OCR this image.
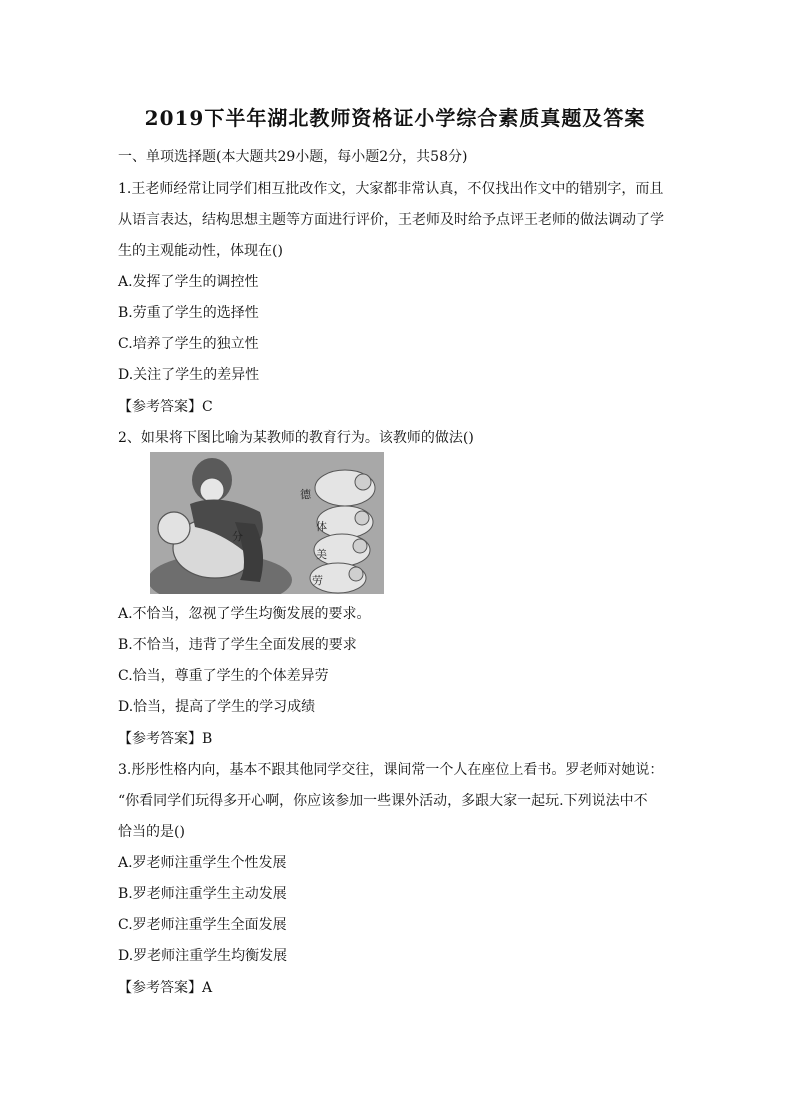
2019下半年湖北教师资格证小学综合素质真题及答案
一、单项选择题(本大题共29小题，每小题2分，共58分)
1.王老师经常让同学们相互批改作文，大家都非常认真，不仅找出作文中的错别字，而且
从语言表达，结构思想主题等方面进行评价，王老师及时给予点评王老师的做法调动了学
生的主观能动性，体现在()
A.发挥了学生的调控性
B.劳重了学生的选择性
C.培养了学生的独立性
D.关注了学生的差异性
【参考答案】C
2、如果将下图比喻为某教师的教育行为。该教师的做法()
德
体
美
劳
分
A.不恰当，忽视了学生均衡发展的要求。
B.不恰当，违背了学生全面发展的要求
C.恰当，尊重了学生的个体差异劳
D.恰当，提高了学生的学习成绩
【参考答案】B
3.彤彤性格内向，基本不跟其他同学交往，课间常一个人在座位上看书。罗老师对她说：
“你看同学们玩得多开心啊，你应该参加一些课外活动，多跟大家一起玩.下列说法中不
恰当的是()
A.罗老师注重学生个性发展
B.罗老师注重学生主动发展
C.罗老师注重学生全面发展
D.罗老师注重学生均衡发展
【参考答案】A
